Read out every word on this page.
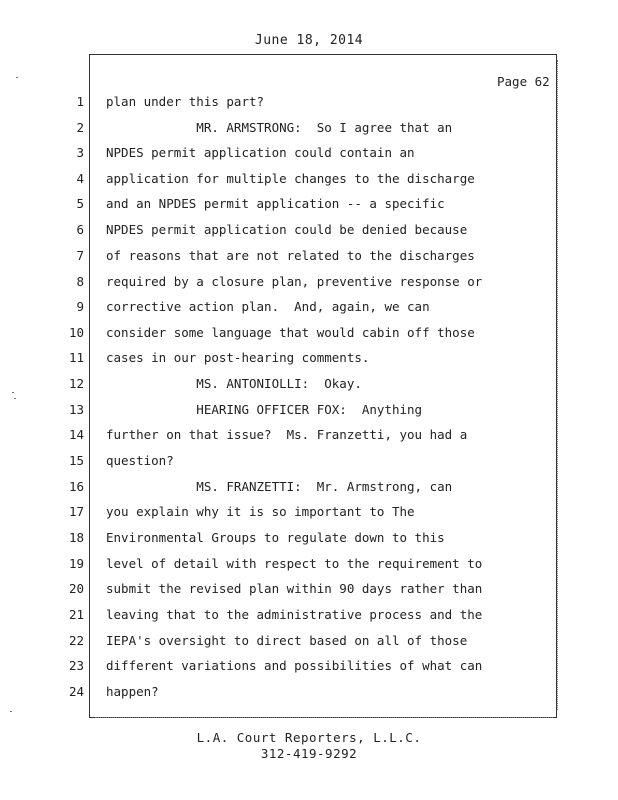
June 18, 2014
Page 62
1 plan under this part?
2 MR. ARMSTRONG:  So I agree that an
3 NPDES permit application could contain an
4 application for multiple changes to the discharge
5 and an NPDES permit application -- a specific
6 NPDES permit application could be denied because
7 of reasons that are not related to the discharges
8 required by a closure plan, preventive response or
9 corrective action plan.  And, again, we can
10 consider some language that would cabin off those
11 cases in our post-hearing comments.
12 MS. ANTONIOLLI:  Okay.
13 HEARING OFFICER FOX:  Anything
14 further on that issue?  Ms. Franzetti, you had a
15 question?
16 MS. FRANZETTI:  Mr. Armstrong, can
17 you explain why it is so important to The
18 Environmental Groups to regulate down to this
19 level of detail with respect to the requirement to
20 submit the revised plan within 90 days rather than
21 leaving that to the administrative process and the
22 IEPA's oversight to direct based on all of those
23 different variations and possibilities of what can
24 happen?
L.A. Court Reporters, L.L.C.
312-419-9292
